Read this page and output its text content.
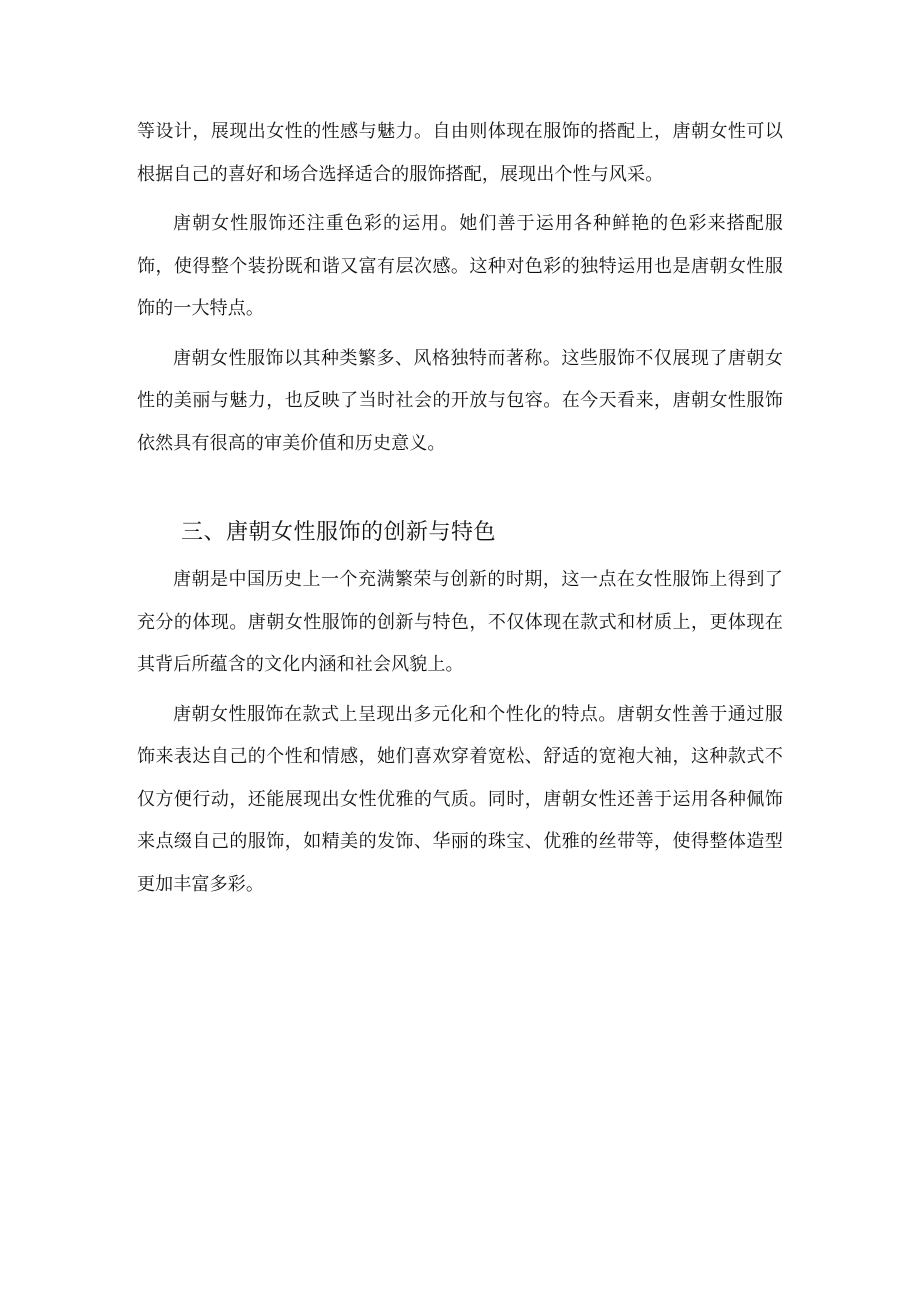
等设计，展现出女性的性感与魅力。自由则体现在服饰的搭配上，唐朝女性可以根据自己的喜好和场合选择适合的服饰搭配，展现出个性与风采。

唐朝女性服饰还注重色彩的运用。她们善于运用各种鲜艳的色彩来搭配服饰，使得整个装扮既和谐又富有层次感。这种对色彩的独特运用也是唐朝女性服饰的一大特点。

唐朝女性服饰以其种类繁多、风格独特而著称。这些服饰不仅展现了唐朝女性的美丽与魅力，也反映了当时社会的开放与包容。在今天看来，唐朝女性服饰依然具有很高的审美价值和历史意义。

三、唐朝女性服饰的创新与特色

唐朝是中国历史上一个充满繁荣与创新的时期，这一点在女性服饰上得到了充分的体现。唐朝女性服饰的创新与特色，不仅体现在款式和材质上，更体现在其背后所蕴含的文化内涵和社会风貌上。

唐朝女性服饰在款式上呈现出多元化和个性化的特点。唐朝女性善于通过服饰来表达自己的个性和情感，她们喜欢穿着宽松、舒适的宽袍大袖，这种款式不仅方便行动，还能展现出女性优雅的气质。同时，唐朝女性还善于运用各种佩饰来点缀自己的服饰，如精美的发饰、华丽的珠宝、优雅的丝带等，使得整体造型更加丰富多彩。
